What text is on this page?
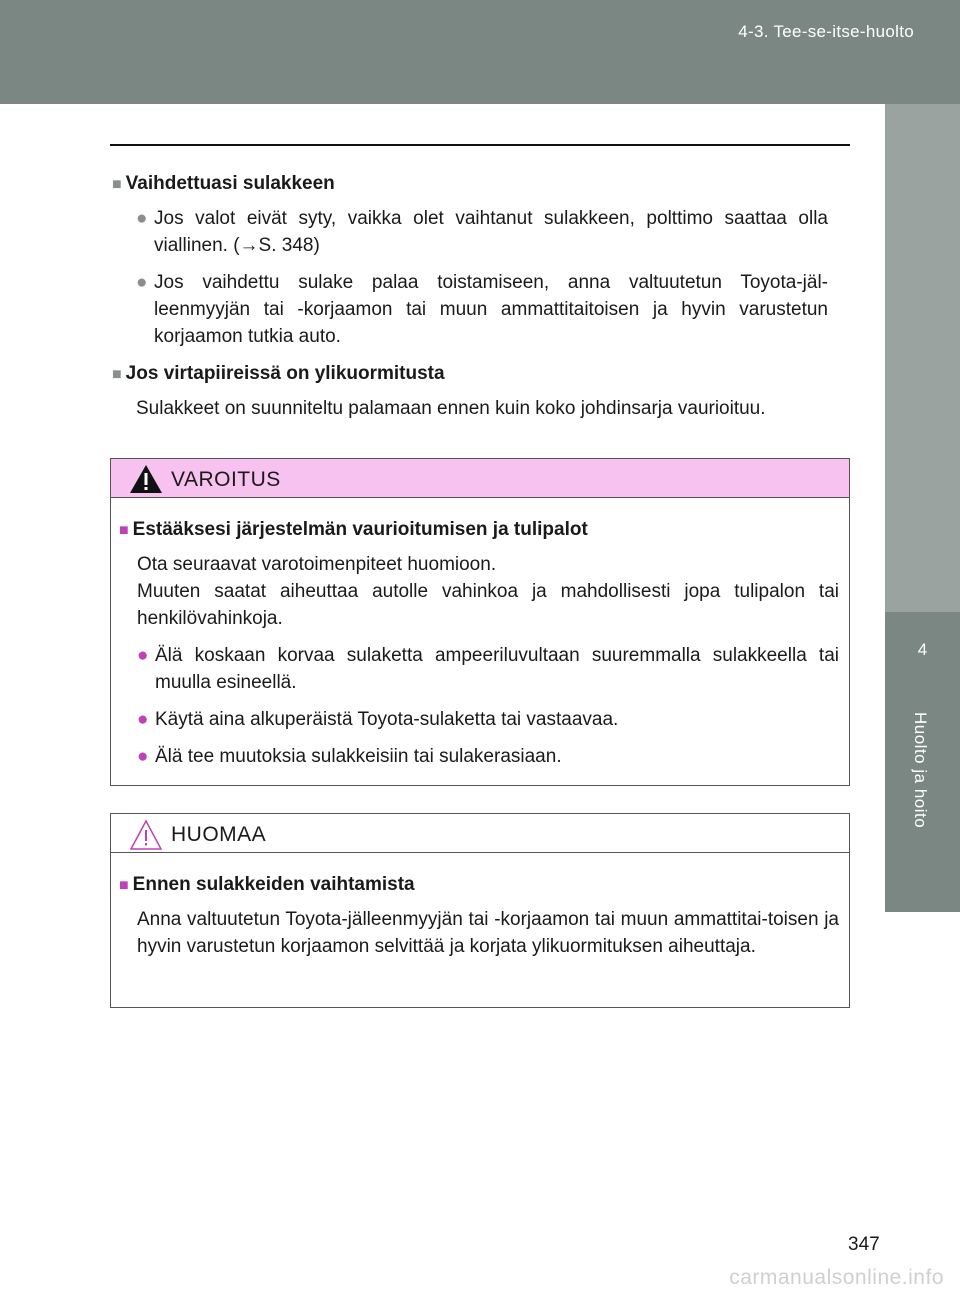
4-3. Tee-se-itse-huolto
4
Huolto ja hoito
■ Vaihdettuasi sulakkeen
● Jos valot eivät syty, vaikka olet vaihtanut sulakkeen, polttimo saattaa olla viallinen. (→S. 348)
● Jos vaihdettu sulake palaa toistamiseen, anna valtuutetun Toyota-jäl-leenmyyjän tai -korjaamon tai muun ammattitaitoisen ja hyvin varustetun korjaamon tutkia auto.
■ Jos virtapiireissä on ylikuormitusta
Sulakkeet on suunniteltu palamaan ennen kuin koko johdinsarja vaurioituu.
VAROITUS
■ Estääksesi järjestelmän vaurioitumisen ja tulipalot
Ota seuraavat varotoimenpiteet huomioon.
Muuten saatat aiheuttaa autolle vahinkoa ja mahdollisesti jopa tulipalon tai henkilövahinkoja.
● Älä koskaan korvaa sulaketta ampeeriluvultaan suuremmalla sulakkeella tai muulla esineellä.
● Käytä aina alkuperäistä Toyota-sulaketta tai vastaavaa.
● Älä tee muutoksia sulakkeisiin tai sulakerasiaan.
HUOMAA
■ Ennen sulakkeiden vaihtamista
Anna valtuutetun Toyota-jälleenmyyjän tai -korjaamon tai muun ammattitai-toisen ja hyvin varustetun korjaamon selvittää ja korjata ylikuormituksen aiheuttaja.
347
carmanualsonline.info
